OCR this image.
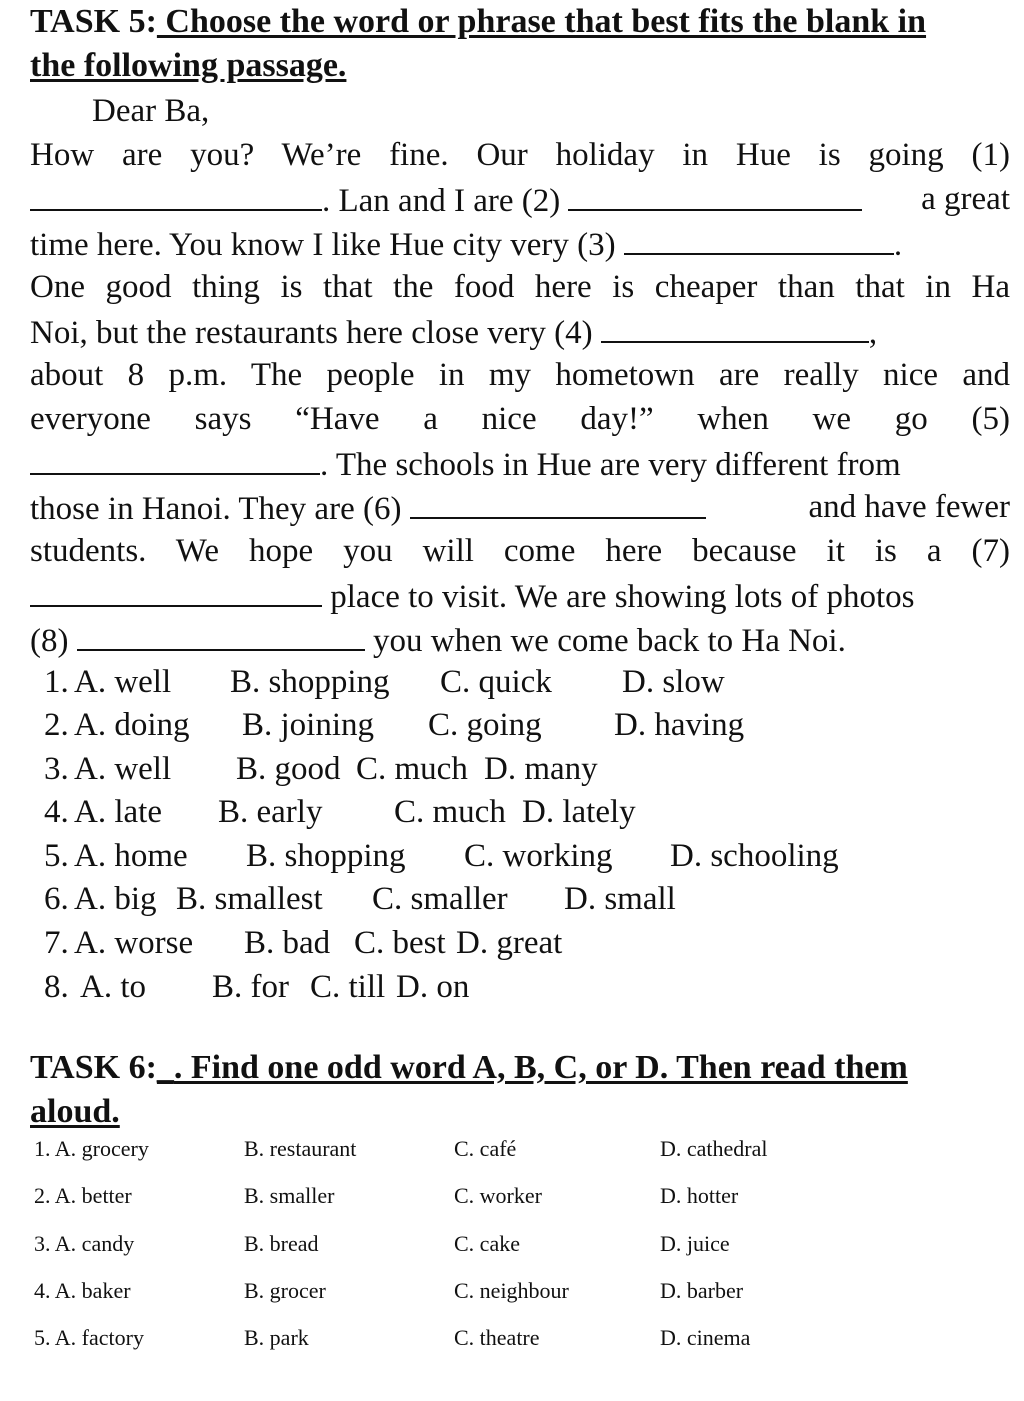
TASK 5: Choose the word or phrase that best fits the blank in
the following passage.
Dear Ba,
How are you? We’re fine. Our holiday in Hue is going (1)
. Lan and I are (2)	a great
time here. You know I like Hue city very (3)	.
One good thing is that the food here is cheaper than that in Ha
Noi, but the restaurants here close very (4)	,
about 8 p.m. The people in my hometown are really nice and
everyone says “Have a nice day!” when we go (5)
. The schools in Hue are very different from
those in Hanoi. They are (6)	and have fewer
students. We hope you will come here because it is a (7)
place to visit. We are showing lots of photos
(8)	you when we come back to Ha Noi.
1. A. well B. shopping C. quick D. slow
2. A. doing B. joining C. going D. having
3. A. well B. good C. much D. many
4. A. late B. early C. much D. lately
5. A. home B. shopping C. working D. schooling
6. A. big B. smallest C. smaller D. small
7. A. worse B. bad C. best D. great
8. A. to B. for C. till D. on
TASK 6:_. Find one odd word A, B, C, or D. Then read them
aloud.
1. A. grocery	B. restaurant	C. café	D. cathedral
2. A. better	B. smaller	C. worker	D. hotter
3. A. candy	B. bread	C. cake	D. juice
4. A. baker	B. grocer	C. neighbour	D. barber
5. A. factory	B. park	C. theatre	D. cinema
